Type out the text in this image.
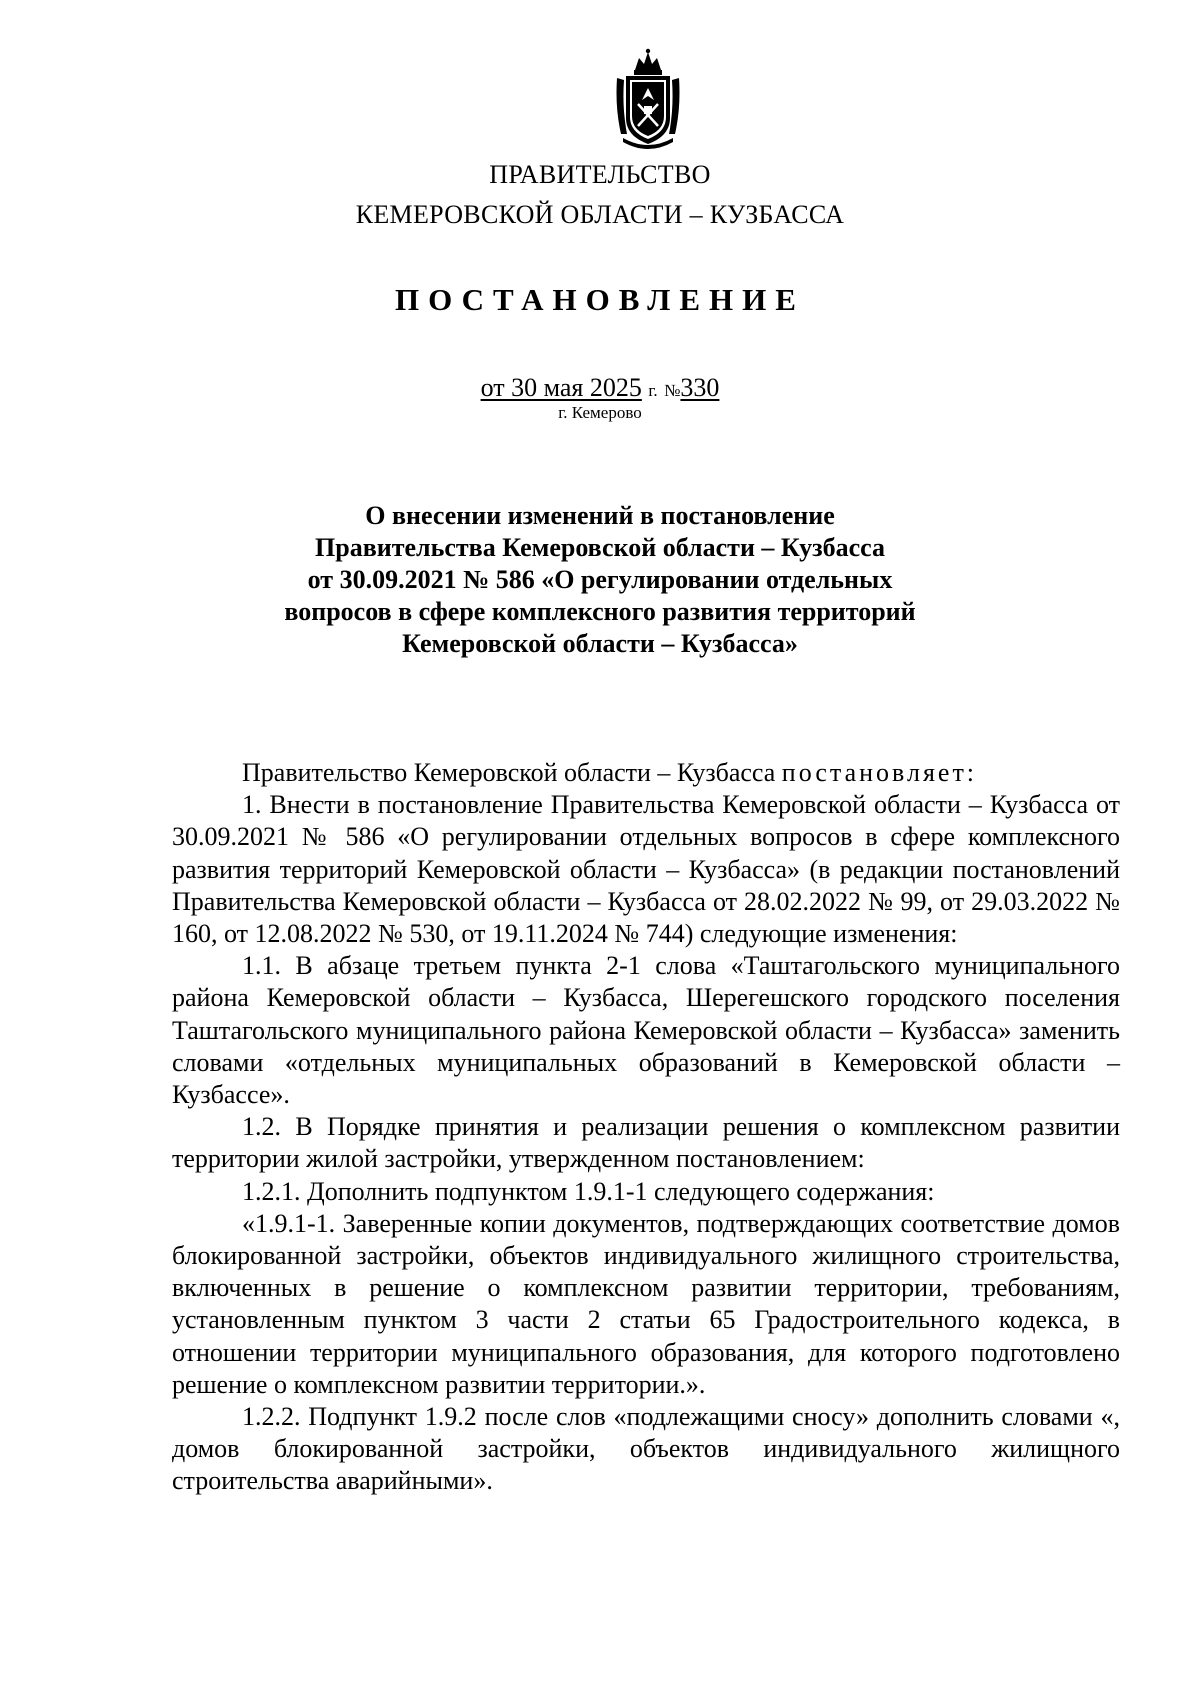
ПРАВИТЕЛЬСТВО
КЕМЕРОВСКОЙ ОБЛАСТИ – КУЗБАССА
ПОСТАНОВЛЕНИЕ
от 30 мая 2025 г. №330
г. Кемерово
О внесении изменений в постановление
Правительства Кемеровской области – Кузбасса
от 30.09.2021 № 586 «О регулировании отдельных
вопросов в сфере комплексного развития территорий
Кемеровской области – Кузбасса»

Правительство Кемеровской области – Кузбасса постановляет:

1. Внести в постановление Правительства Кемеровской области – Кузбасса от 30.09.2021 № 586 «О регулировании отдельных вопросов в сфере комплексного развития территорий Кемеровской области – Кузбасса» (в редакции постановлений Правительства Кемеровской области – Кузбасса от 28.02.2022 № 99, от 29.03.2022 № 160, от 12.08.2022 № 530, от 19.11.2024 № 744) следующие изменения:

1.1. В абзаце третьем пункта 2-1 слова «Таштагольского муниципального района Кемеровской области – Кузбасса, Шерегешского городского поселения Таштагольского муниципального района Кемеровской области – Кузбасса» заменить словами «отдельных муниципальных образований в Кемеровской области – Кузбассе».

1.2. В Порядке принятия и реализации решения о комплексном развитии территории жилой застройки, утвержденном постановлением:

1.2.1. Дополнить подпунктом 1.9.1-1 следующего содержания:

«1.9.1-1. Заверенные копии документов, подтверждающих соответствие домов блокированной застройки, объектов индивидуального жилищного строительства, включенных в решение о комплексном развитии территории, требованиям, установленным пунктом 3 части 2 статьи 65 Градостроительного кодекса, в отношении территории муниципального образования, для которого подготовлено решение о комплексном развитии территории.».

1.2.2. Подпункт 1.9.2 после слов «подлежащими сносу» дополнить словами «, домов блокированной застройки, объектов индивидуального жилищного строительства аварийными».
